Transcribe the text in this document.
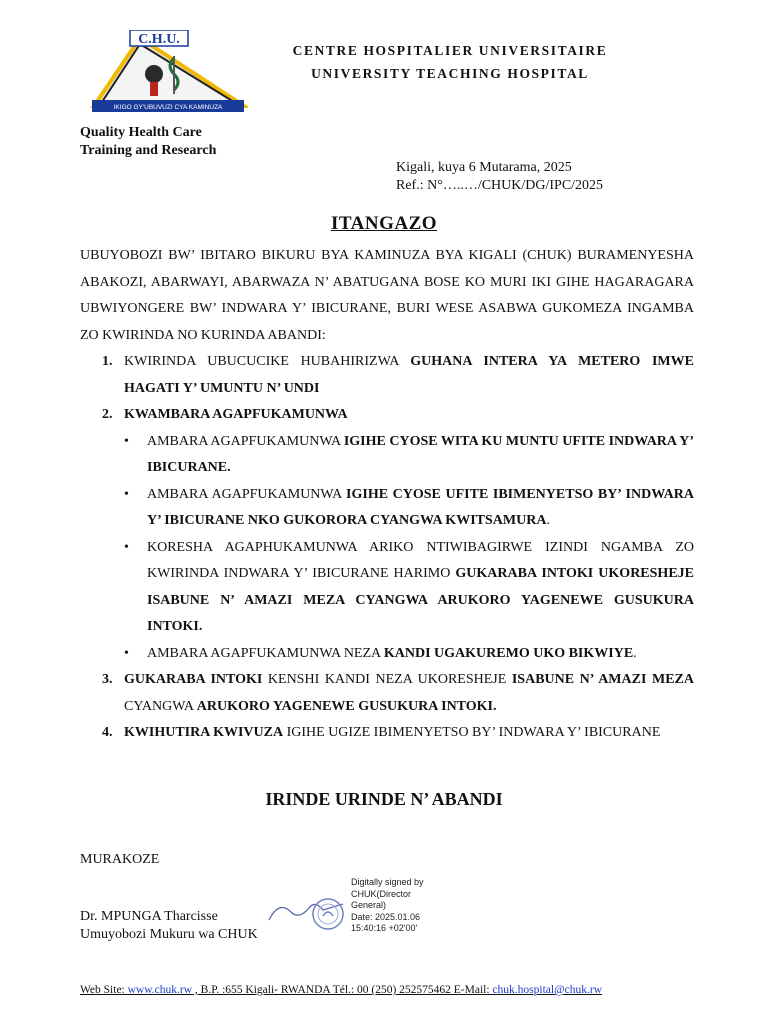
C.H.U.
IKIGO GY'UBUVUZI CYA KAMINUZA
CENTRE HOSPITALIER UNIVERSITAIRE
UNIVERSITY TEACHING HOSPITAL
Quality Health Care
Training and Research
Kigali, kuya 6 Mutarama, 2025
Ref.: N°…..…/CHUK/DG/IPC/2025
ITANGAZO

UBUYOBOZI BW’ IBITARO BIKURU BYA KAMINUZA BYA KIGALI (CHUK) BURAMENYESHA ABAKOZI, ABARWAYI, ABARWAZA N’ ABATUGANA BOSE KO MURI IKI GIHE HAGARAGARA UBWIYONGERE BW’ INDWARA Y’ IBICURANE, BURI WESE ASABWA GUKOMEZA INGAMBA ZO KWIRINDA NO KURINDA ABANDI:

1. KWIRINDA UBUCUCIKE HUBAHIRIZWA GUHANA INTERA YA METERO IMWE HAGATI Y’ UMUNTU N’ UNDI
2. KWAMBARA AGAPFUKAMUNWA
• AMBARA AGAPFUKAMUNWA IGIHE CYOSE WITA KU MUNTU UFITE INDWARA Y’ IBICURANE.
• AMBARA AGAPFUKAMUNWA IGIHE CYOSE UFITE IBIMENYETSO BY’ INDWARA Y’ IBICURANE NKO GUKORORA CYANGWA KWITSAMURA.
• KORESHA AGAPHUKAMUNWA ARIKO NTIWIBAGIRWE IZINDI NGAMBA ZO KWIRINDA INDWARA Y’ IBICURANE HARIMO GUKARABA INTOKI UKORESHEJE ISABUNE N’ AMAZI MEZA CYANGWA ARUKORO YAGENEWE GUSUKURA INTOKI.
• AMBARA AGAPFUKAMUNWA NEZA KANDI UGAKUREMO UKO BIKWIYE.
3. GUKARABA INTOKI KENSHI KANDI NEZA UKORESHEJE ISABUNE N’ AMAZI MEZA CYANGWA ARUKORO YAGENEWE GUSUKURA INTOKI.
4. KWIHUTIRA KWIVUZA IGIHE UGIZE IBIMENYETSO BY’ INDWARA Y’ IBICURANE
IRINDE URINDE N’ ABANDI
MURAKOZE
Dr. MPUNGA Tharcisse
Umuyobozi Mukuru wa CHUK
Digitally signed by
CHUK(Director
General)
Date: 2025.01.06
15:40:16 +02'00'
Web Site: www.chuk.rw , B.P. :655 Kigali- RWANDA Tél.: 00 (250) 252575462 E-Mail: chuk.hospital@chuk.rw
